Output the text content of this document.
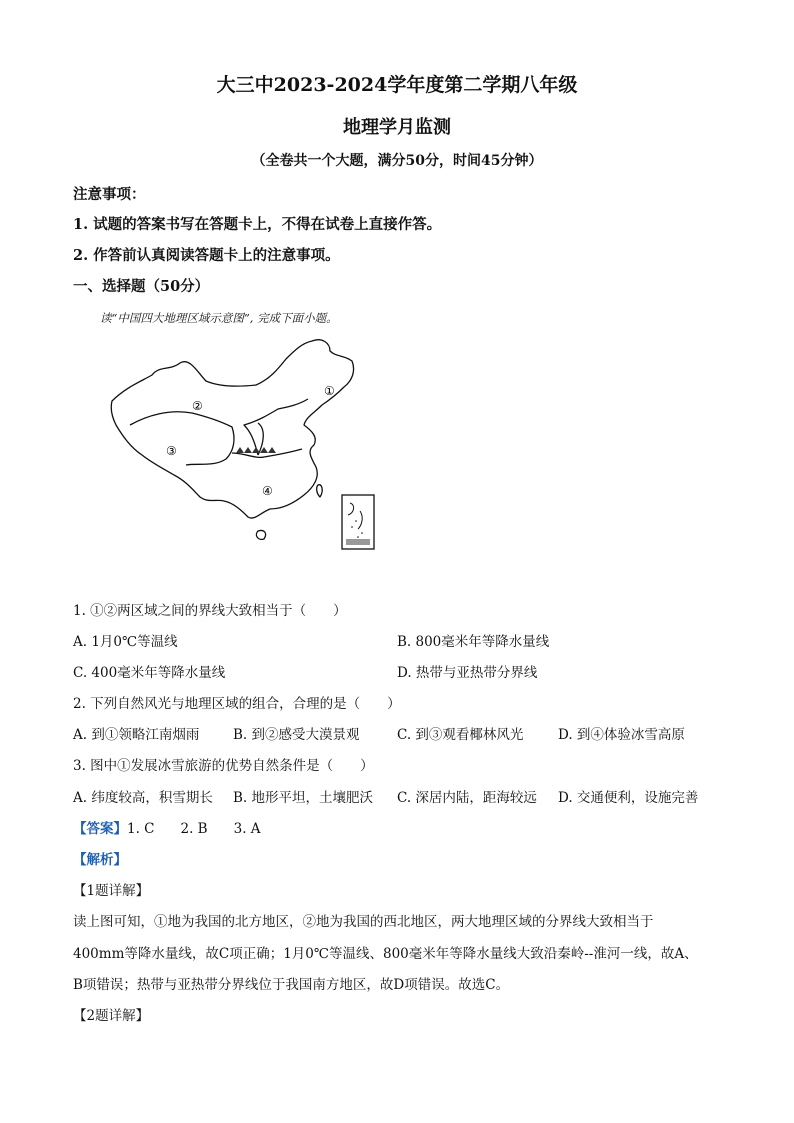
大三中2023-2024学年度第二学期八年级
地理学月监测
（全卷共一个大题，满分50分，时间45分钟）
注意事项：
1. 试题的答案书写在答题卡上，不得在试卷上直接作答。
2. 作答前认真阅读答题卡上的注意事项。
一、选择题（50分）
读“中国四大地理区域示意图”, 完成下面小题。
①
②
③
④
1. ①②两区域之间的界线大致相当于（　　）
A. 1月0℃等温线	B. 800毫米年等降水量线
C. 400毫米年等降水量线	D. 热带与亚热带分界线
2. 下列自然风光与地理区域的组合，合理的是（　　）
A. 到①领略江南烟雨 B. 到②感受大漠景观	C. 到③观看椰林风光	D. 到④体验冰雪高原
3. 图中①发展冰雪旅游的优势自然条件是（　　）
A. 纬度较高，积雪期长 B. 地形平坦，土壤肥沃 C. 深居内陆，距海较远 D. 交通便利，设施完善
【答案】1. C 2. B 3. A
【解析】
【1题详解】
读上图可知，①地为我国的北方地区，②地为我国的西北地区，两大地理区域的分界线大致相当于
400mm等降水量线，故C项正确；1月0℃等温线、800毫米年等降水量线大致沿秦岭--淮河一线，故A、
B项错误；热带与亚热带分界线位于我国南方地区，故D项错误。故选C。
【2题详解】
